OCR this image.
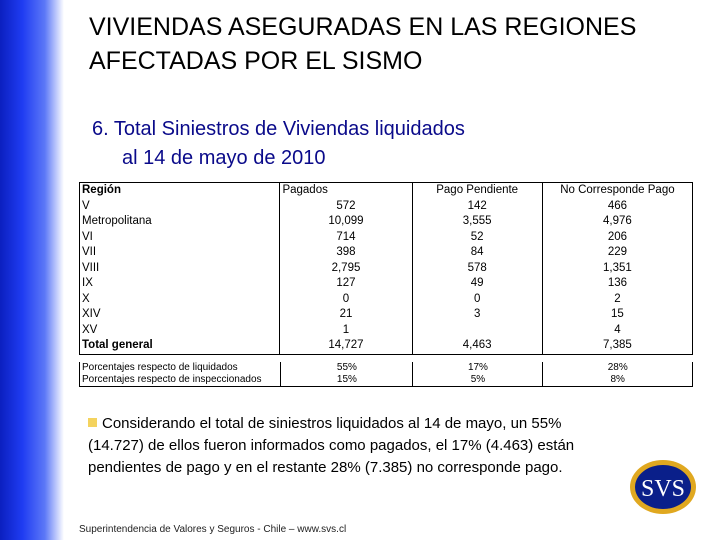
VIVIENDAS ASEGURADAS EN LAS REGIONES AFECTADAS POR EL SISMO
6. Total Siniestros de Viviendas liquidados
al 14 de mayo de 2010
Región	Pagados	Pago Pendiente	No Corresponde Pago
V	572	142	466
Metropolitana	10,099	3,555	4,976
VI	714	52	206
VII	398	84	229
VIII	2,795	578	1,351
IX	127	49	136
X	0	0	2
XIV	21	3	15
XV	1		4
Total general	14,727	4,463	7,385
Porcentajes respecto de liquidados	55%	17%	28%
Porcentajes respecto de inspeccionados	15%	5%	8%
Considerando el total de siniestros liquidados al 14 de mayo, un 55% (14.727) de ellos fueron informados como pagados, el 17% (4.463) están pendientes de pago y en el restante 28% (7.385) no corresponde pago.
Superintendencia de Valores y Seguros - Chile – www.svs.cl
SVS
